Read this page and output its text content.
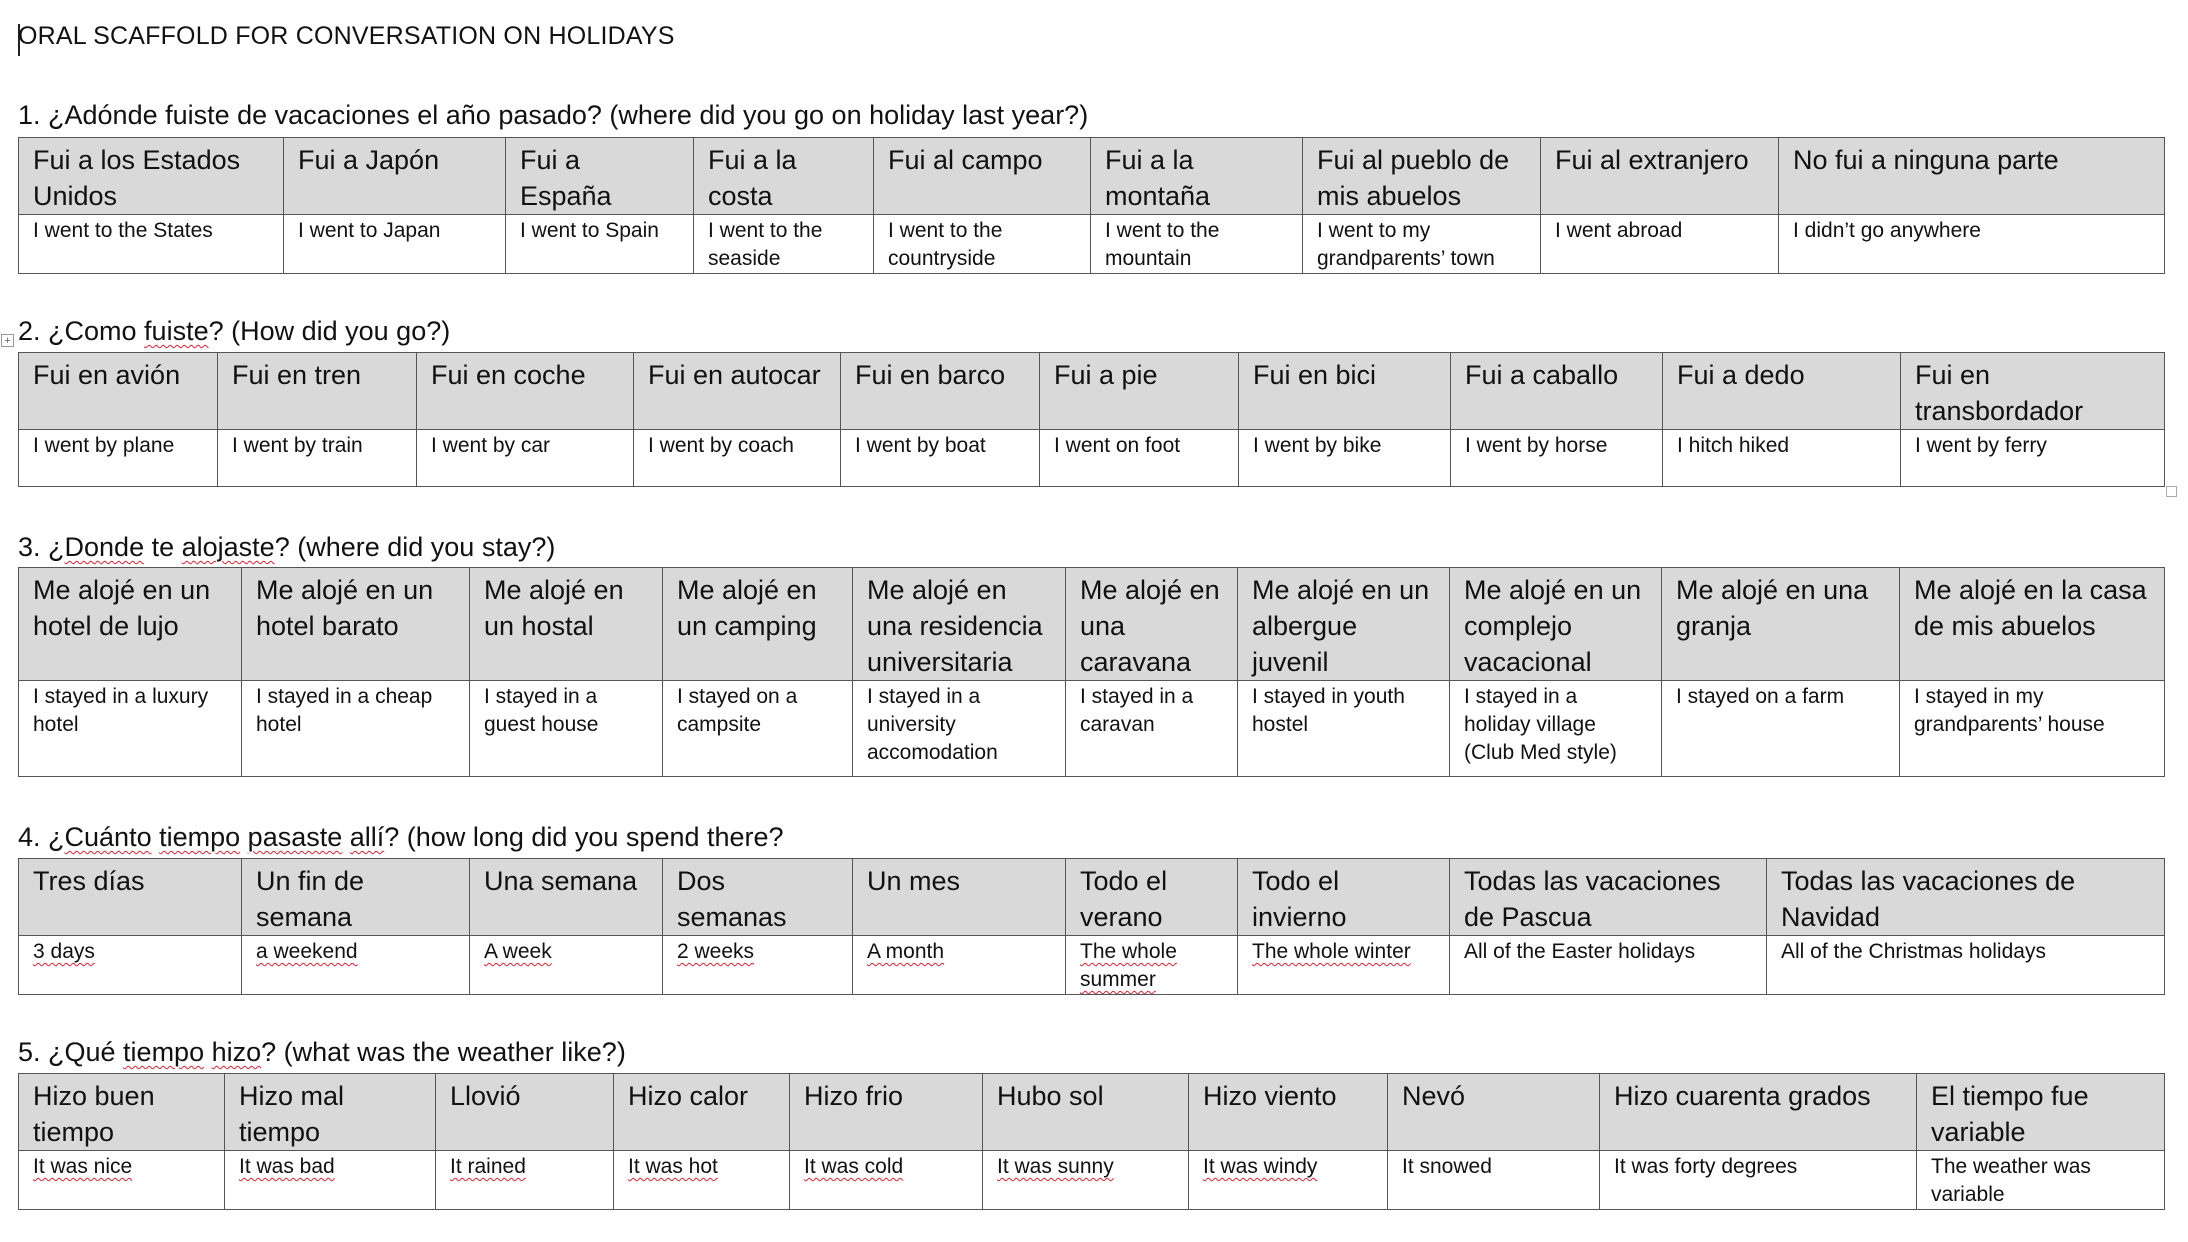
ORAL SCAFFOLD FOR CONVERSATION ON HOLIDAYS
1. ¿Adónde fuiste de vacaciones el año pasado? (where did you go on holiday last year?)
Fui a los Estados Unidos	Fui a Japón	Fui a España	Fui a la costa	Fui al campo	Fui a la montaña	Fui al pueblo de mis abuelos	Fui al extranjero	No fui a ninguna parte
I went to the States	I went to Japan	I went to Spain	I went to the seaside	I went to the countryside	I went to the mountain	I went to my grandparents’ town	I went abroad	I didn’t go anywhere
+ 2. ¿Como fuiste? (How did you go?)
Fui en avión	Fui en tren	Fui en coche	Fui en autocar	Fui en barco	Fui a pie	Fui en bici	Fui a caballo	Fui a dedo	Fui en transbordador
I went by plane	I went by train	I went by car	I went by coach	I went by boat	I went on foot	I went by bike	I went by horse	I hitch hiked	I went by ferry
3. ¿Donde te alojaste? (where did you stay?)
Me alojé en un hotel de lujo	Me alojé en un hotel barato	Me alojé en un hostal	Me alojé en un camping	Me alojé en una residencia universitaria	Me alojé en una caravana	Me alojé en un albergue juvenil	Me alojé en un complejo vacacional	Me alojé en una granja	Me alojé en la casa de mis abuelos
I stayed in a luxury hotel	I stayed in a cheap hotel	I stayed in a guest house	I stayed on a campsite	I stayed in a university accomodation	I stayed in a caravan	I stayed in youth hostel	I stayed in a holiday village (Club Med style)	I stayed on a farm	I stayed in my grandparents’ house
4. ¿Cuánto tiempo pasaste allí? (how long did you spend there?
Tres días	Un fin de semana	Una semana	Dos semanas	Un mes	Todo el verano	Todo el invierno	Todas las vacaciones de Pascua	Todas las vacaciones de Navidad
3 days	a weekend	A week	2 weeks	A month	The whole summer	The whole winter	All of the Easter holidays	All of the Christmas holidays
5. ¿Qué tiempo hizo? (what was the weather like?)
Hizo buen tiempo	Hizo mal tiempo	Llovió	Hizo calor	Hizo frio	Hubo sol	Hizo viento	Nevó	Hizo cuarenta grados	El tiempo fue variable
It was nice	It was bad	It rained	It was hot	It was cold	It was sunny	It was windy	It snowed	It was forty degrees	The weather was variable
